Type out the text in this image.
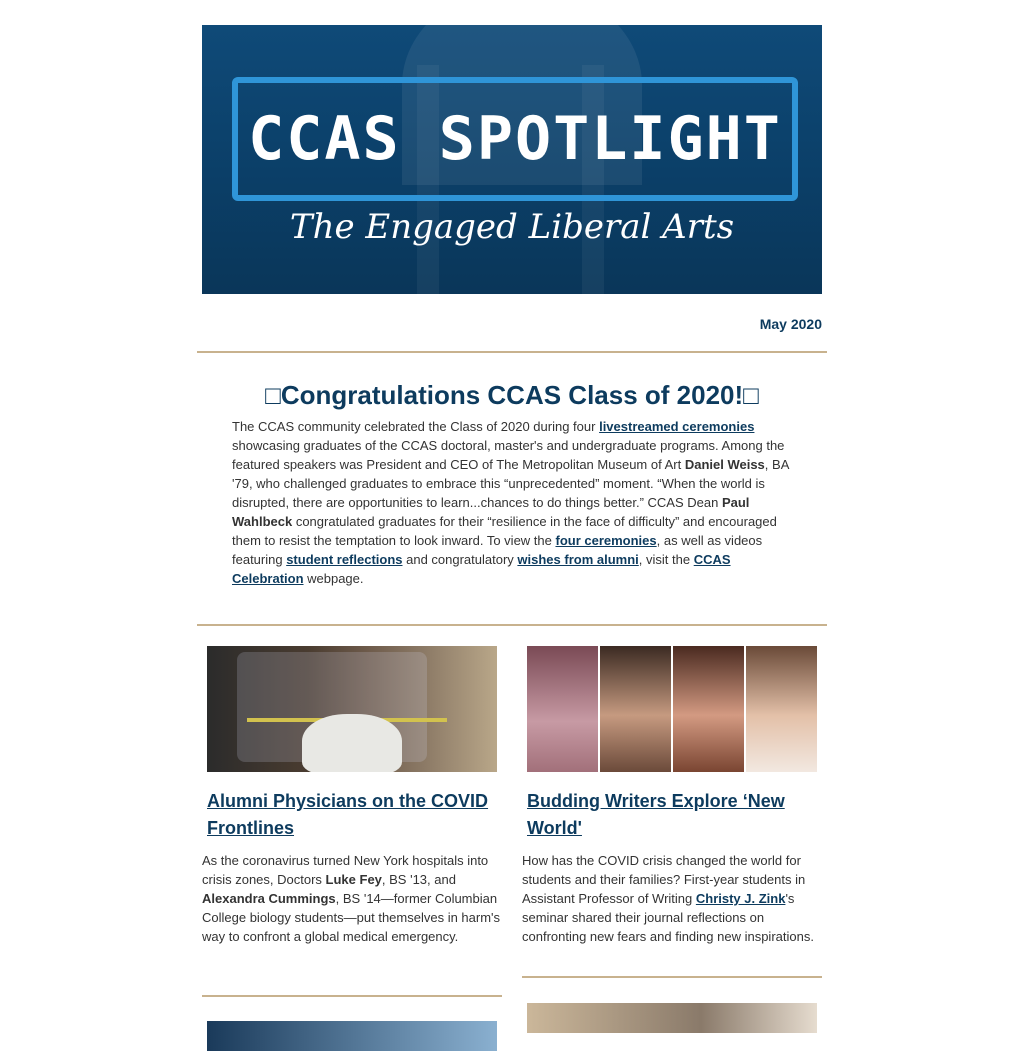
CCAS SPOTLIGHT
The Engaged Liberal Arts
May 2020
□Congratulations CCAS Class of 2020!□

The CCAS community celebrated the Class of 2020 during four livestreamed ceremonies showcasing graduates of the CCAS doctoral, master's and undergraduate programs. Among the featured speakers was President and CEO of The Metropolitan Museum of Art Daniel Weiss, BA '79, who challenged graduates to embrace this “unprecedented” moment. “When the world is disrupted, there are opportunities to learn...chances to do things better.” CCAS Dean Paul Wahlbeck congratulated graduates for their “resilience in the face of difficulty” and encouraged them to resist the temptation to look inward. To view the four ceremonies, as well as videos featuring student reflections and congratulatory wishes from alumni, visit the CCAS Celebration webpage.

Alumni Physicians on the COVID Frontlines

As the coronavirus turned New York hospitals into crisis zones, Doctors Luke Fey, BS '13, and Alexandra Cummings, BS '14—former Columbian College biology students—put themselves in harm's way to confront a global medical emergency.

Budding Writers Explore ‘New World'

How has the COVID crisis changed the world for students and their families? First-year students in Assistant Professor of Writing Christy J. Zink's seminar shared their journal reflections on confronting new fears and finding new inspirations.
